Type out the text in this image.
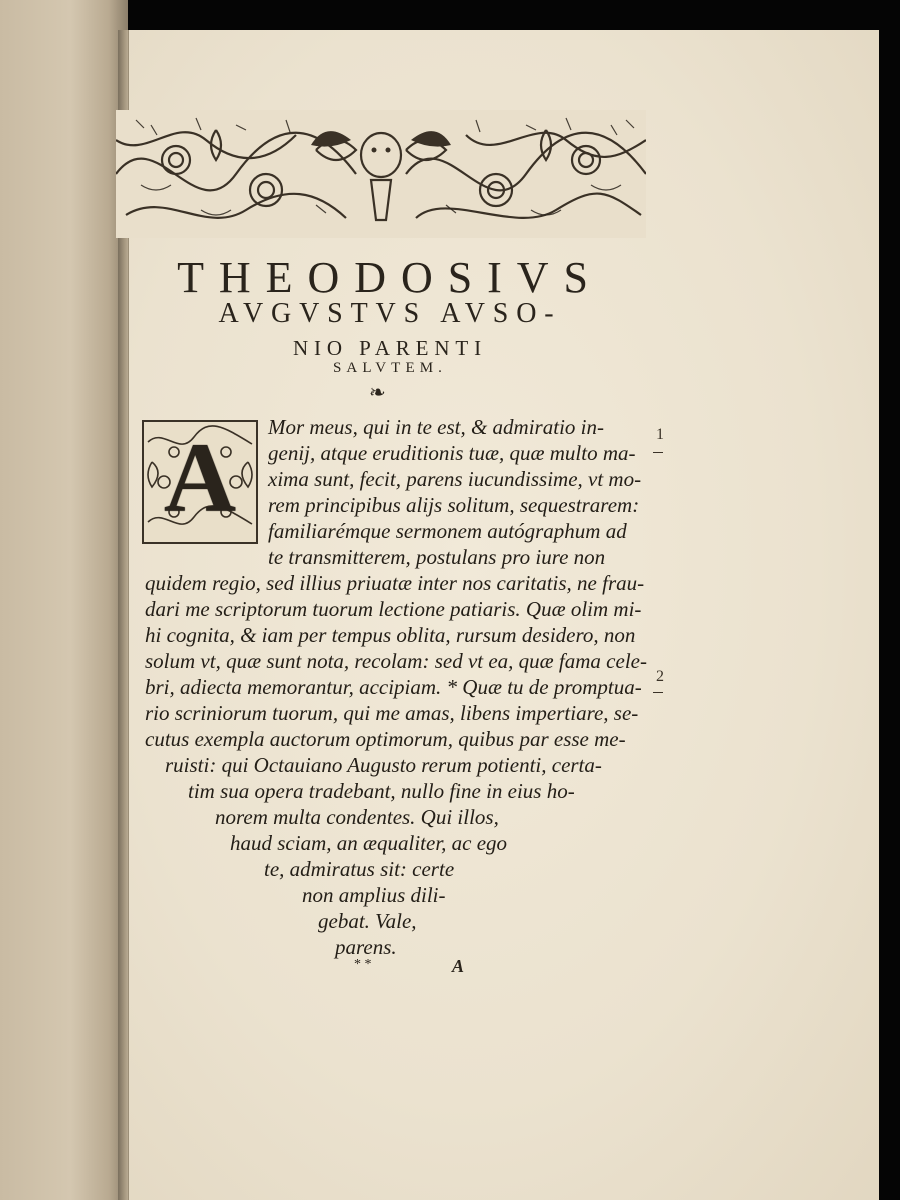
THEODOSIVS
AVGVSTVS AVSO-
NIO PARENTI
SALVTEM.
❧
A	Mor meus, qui in te est, & admiratio in-
genij, atque eruditionis tuæ, quæ multo ma-
xima sunt, fecit, parens iucundissime, vt mo-
rem principibus alijs solitum, sequestrarem:
familiarémque sermonem autógraphum ad
te transmitterem, postulans pro iure non
quidem regio, sed illius priuatæ inter nos caritatis, ne frau-
dari me scriptorum tuorum lectione patiaris. Quæ olim mi-
hi cognita, & iam per tempus oblita, rursum desidero, non
solum vt, quæ sunt nota, recolam: sed vt ea, quæ fama cele-
bri, adiecta memorantur, accipiam. * Quæ tu de promptua-
rio scriniorum tuorum, qui me amas, libens impertiare, se-
cutus exempla auctorum optimorum, quibus par esse me-
ruisti: qui Octauiano Augusto rerum potienti, certa-
tim sua opera tradebant, nullo fine in eius ho-
norem multa condentes. Qui illos,
haud sciam, an æqualiter, ac ego
te, admiratus sit: certe
non amplius dili-
gebat. Vale,
parens.
1
2
* *	A
